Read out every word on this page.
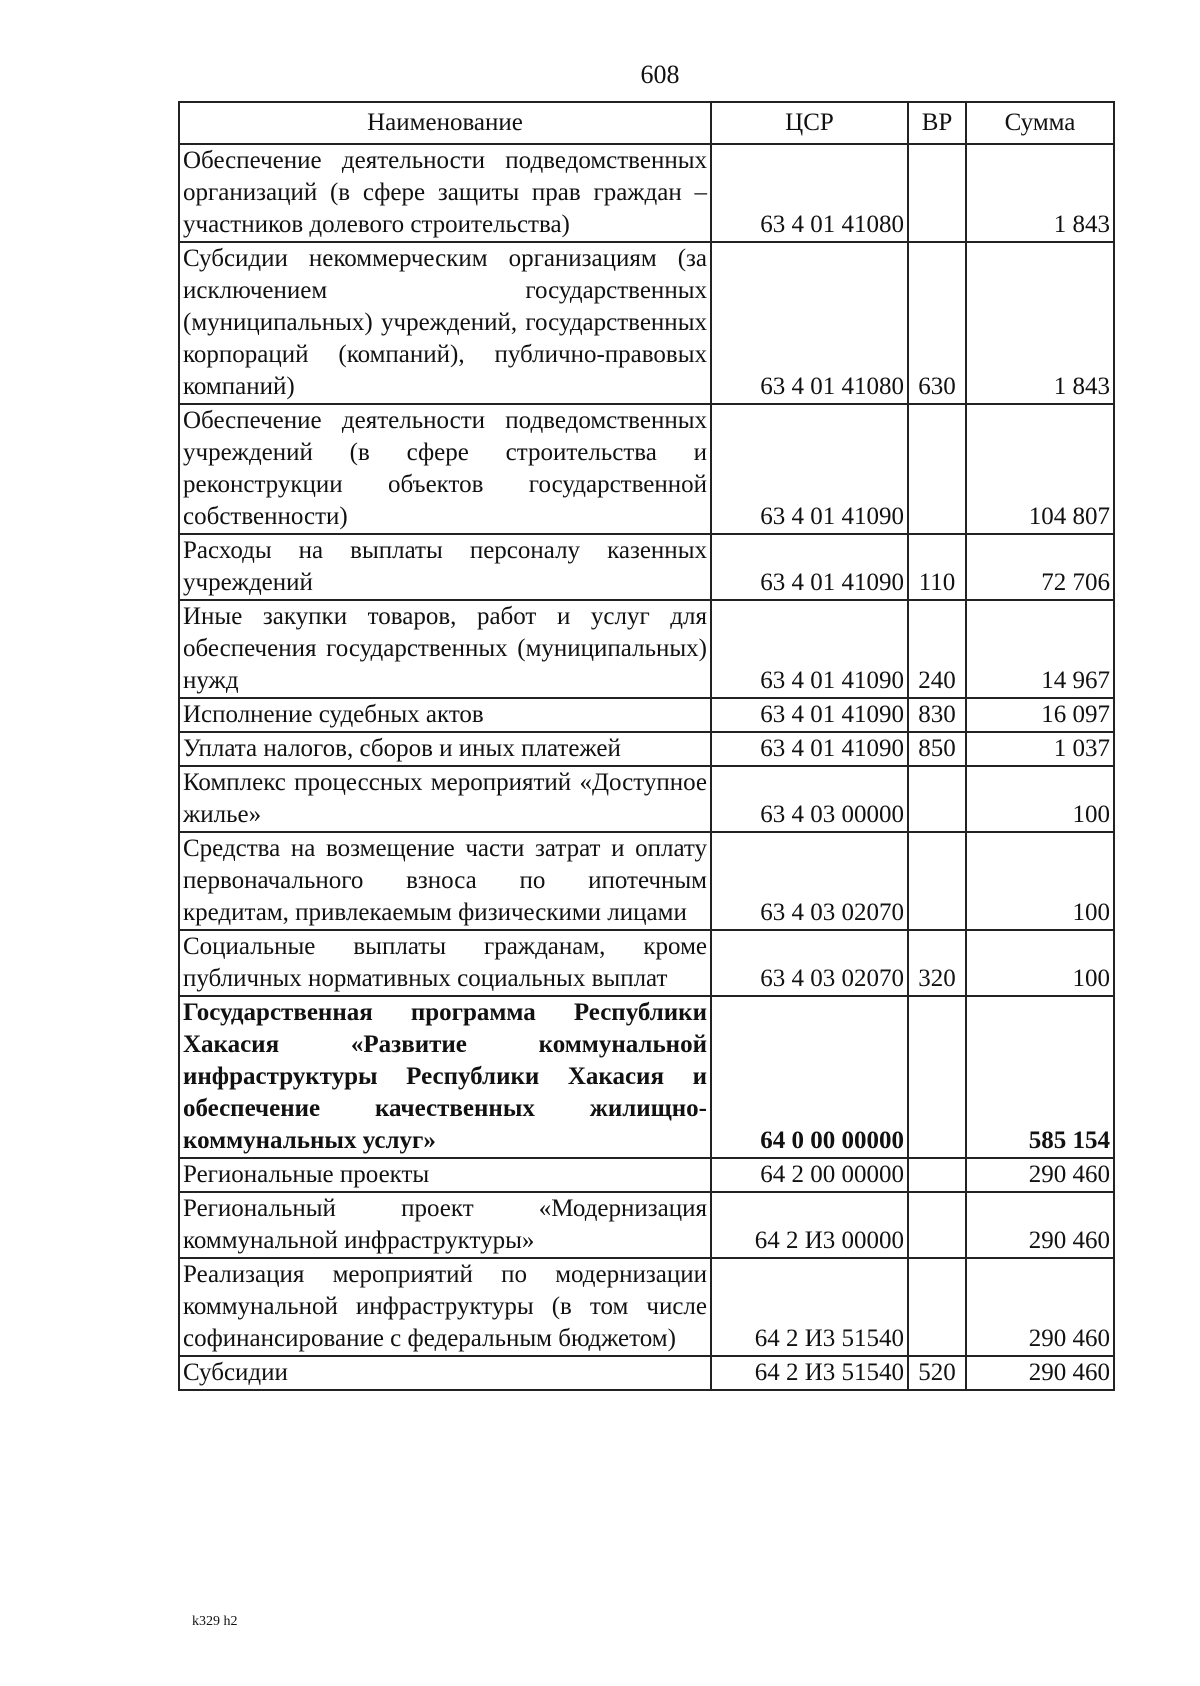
608
Наименование	ЦСР	ВР	Сумма
Обеспечение деятельности подведомственных организаций (в сфере защиты прав граждан – участников долевого строительства)	63 4 01 41080		1 843
Субсидии некоммерческим организациям (за исключением государственных (муниципальных) учреждений, государственных корпораций (компаний), публично-правовых компаний)	63 4 01 41080	630	1 843
Обеспечение деятельности подведомственных учреждений (в сфере строительства и реконструкции объектов государственной собственности)	63 4 01 41090		104 807
Расходы на выплаты персоналу казенных учреждений	63 4 01 41090	110	72 706
Иные закупки товаров, работ и услуг для обеспечения государственных (муниципальных) нужд	63 4 01 41090	240	14 967
Исполнение судебных актов	63 4 01 41090	830	16 097
Уплата налогов, сборов и иных платежей	63 4 01 41090	850	1 037
Комплекс процессных мероприятий «Доступное жилье»	63 4 03 00000		100
Средства на возмещение части затрат и оплату первоначального взноса по ипотечным кредитам, привлекаемым физическими лицами	63 4 03 02070		100
Социальные выплаты гражданам, кроме публичных нормативных социальных выплат	63 4 03 02070	320	100
Государственная программа Республики Хакасия «Развитие коммунальной инфраструктуры Республики Хакасия и обеспечение качественных жилищно-коммунальных услуг»	64 0 00 00000		585 154
Региональные проекты	64 2 00 00000		290 460
Региональный проект «Модернизация коммунальной инфраструктуры»	64 2 И3 00000		290 460
Реализация мероприятий по модернизации коммунальной инфраструктуры (в том числе софинансирование с федеральным бюджетом)	64 2 И3 51540		290 460
Субсидии	64 2 И3 51540	520	290 460
k329 h2
